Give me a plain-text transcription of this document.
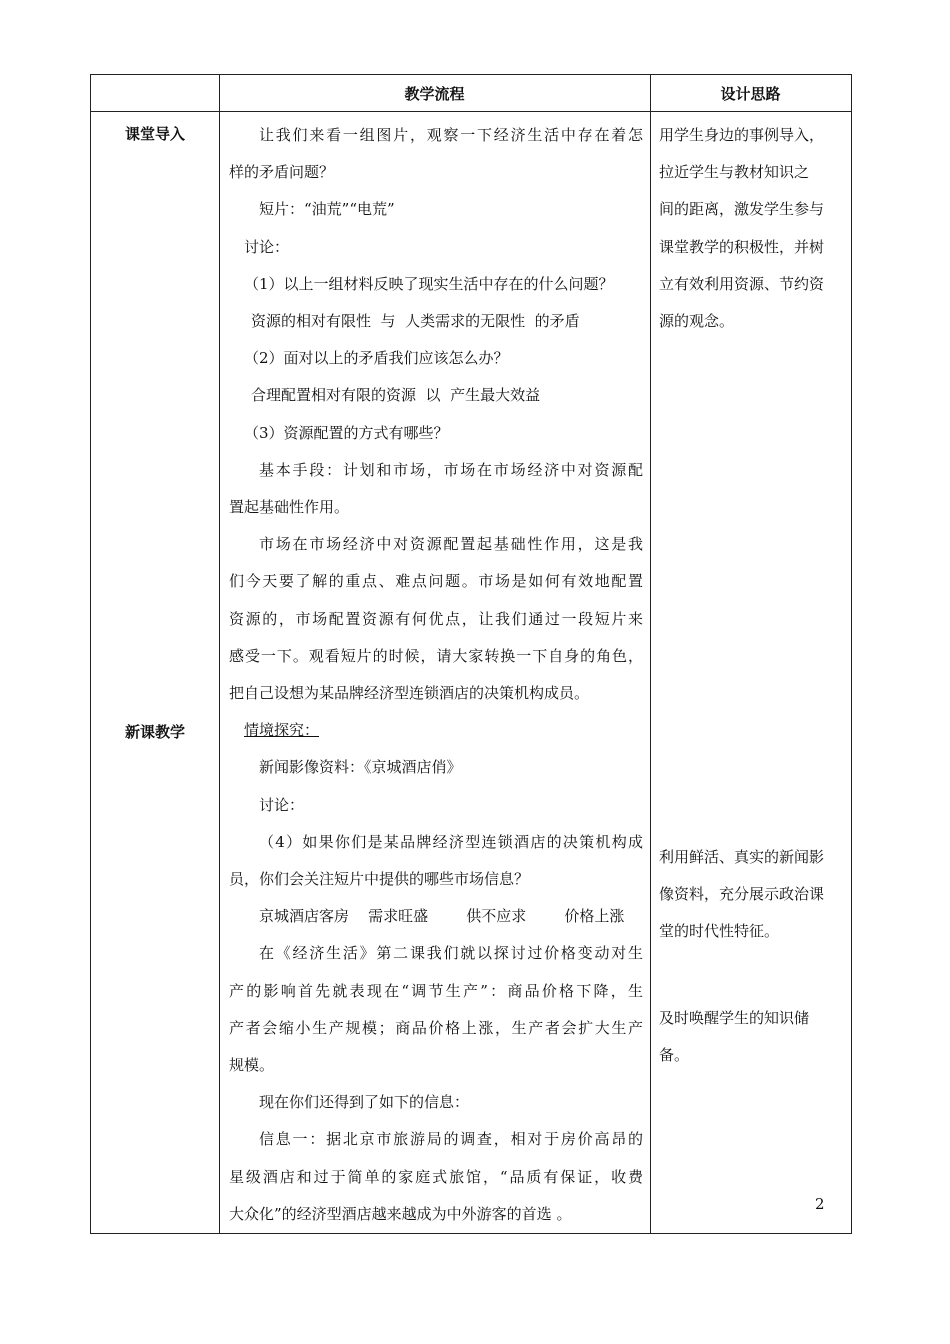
教学流程	设计思路
课堂导入
新课教学

让我们来看一组图片，观察一下经济生活中存在着怎

样的矛盾问题？

短片：“油荒”“电荒”

讨论：

（1）以上一组材料反映了现实生活中存在的什么问题？

资源的相对有限性  与  人类需求的无限性  的矛盾

（2）面对以上的矛盾我们应该怎么办？

合理配置相对有限的资源  以  产生最大效益

（3）资源配置的方式有哪些？

基本手段：计划和市场，市场在市场经济中对资源配

置起基础性作用。

市场在市场经济中对资源配置起基础性作用，这是我

们今天要了解的重点、难点问题。市场是如何有效地配置

资源的，市场配置资源有何优点，让我们通过一段短片来

感受一下。观看短片的时候，请大家转换一下自身的角色，

把自己设想为某品牌经济型连锁酒店的决策机构成员。

情境探究：

新闻影像资料：《京城酒店俏》

讨论：

（4）如果你们是某品牌经济型连锁酒店的决策机构成

员，你们会关注短片中提供的哪些市场信息？

京城酒店客房    需求旺盛        供不应求        价格上涨

在《经济生活》第二课我们就以探讨过价格变动对生

产的影响首先就表现在“调节生产”：商品价格下降，生

产者会缩小生产规模；商品价格上涨，生产者会扩大生产

规模。

现在你们还得到了如下的信息：

信息一：据北京市旅游局的调查，相对于房价高昂的

星级酒店和过于简单的家庭式旅馆，“品质有保证，收费

大众化”的经济型酒店越来越成为中外游客的首选 。

用学生身边的事例导入，

拉近学生与教材知识之

间的距离，激发学生参与

课堂教学的积极性，并树

立有效利用资源、节约资

源的观念。

利用鲜活、真实的新闻影

像资料，充分展示政治课

堂的时代性特征。

及时唤醒学生的知识储

备。

2
